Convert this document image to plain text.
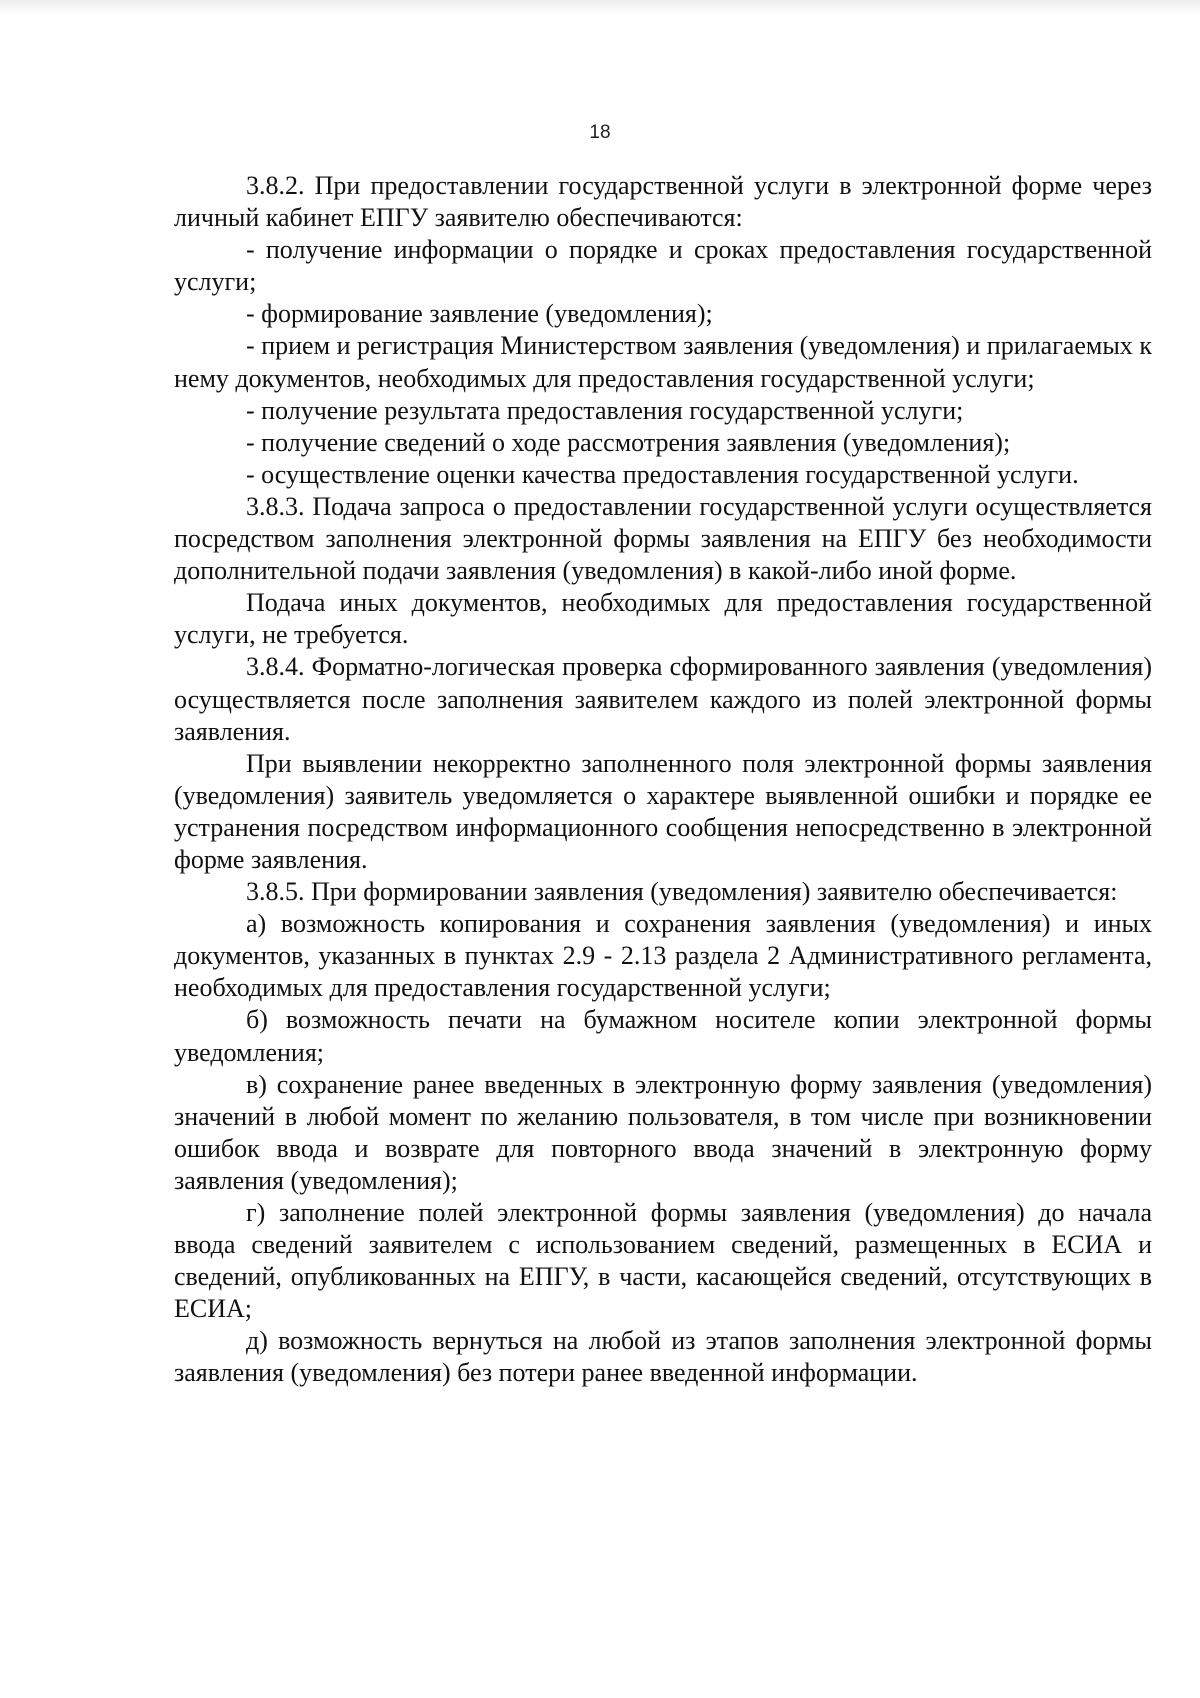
18

3.8.2. При предоставлении государственной услуги в электронной форме через личный кабинет ЕПГУ заявителю обеспечиваются:

- получение информации о порядке и сроках предоставления государственной услуги;

- формирование заявление (уведомления);

- прием и регистрация Министерством заявления (уведомления) и прилагаемых к нему документов, необходимых для предоставления государственной услуги;

- получение результата предоставления государственной услуги;

- получение сведений о ходе рассмотрения заявления (уведомления);

- осуществление оценки качества предоставления государственной услуги.

3.8.3. Подача запроса о предоставлении государственной услуги осуществляется посредством заполнения электронной формы заявления на ЕПГУ без необходимости дополнительной подачи заявления (уведомления) в какой-либо иной форме.

Подача иных документов, необходимых для предоставления государственной услуги, не требуется.

3.8.4. Форматно-логическая проверка сформированного заявления (уведомления) осуществляется после заполнения заявителем каждого из полей электронной формы заявления.

При выявлении некорректно заполненного поля электронной формы заявления (уведомления) заявитель уведомляется о характере выявленной ошибки и порядке ее устранения посредством информационного сообщения непосредственно в электронной форме заявления.

3.8.5. При формировании заявления (уведомления) заявителю обеспечивается:

а) возможность копирования и сохранения заявления (уведомления) и иных документов, указанных в пунктах 2.9 - 2.13 раздела 2 Административного регламента, необходимых для предоставления государственной услуги;

б) возможность печати на бумажном носителе копии электронной формы уведомления;

в) сохранение ранее введенных в электронную форму заявления (уведомления) значений в любой момент по желанию пользователя, в том числе при возникновении ошибок ввода и возврате для повторного ввода значений в электронную форму заявления (уведомления);

г) заполнение полей электронной формы заявления (уведомления) до начала ввода сведений заявителем с использованием сведений, размещенных в ЕСИА и сведений, опубликованных на ЕПГУ, в части, касающейся сведений, отсутствующих в ЕСИА;

д) возможность вернуться на любой из этапов заполнения электронной формы заявления (уведомления) без потери ранее введенной информации.
